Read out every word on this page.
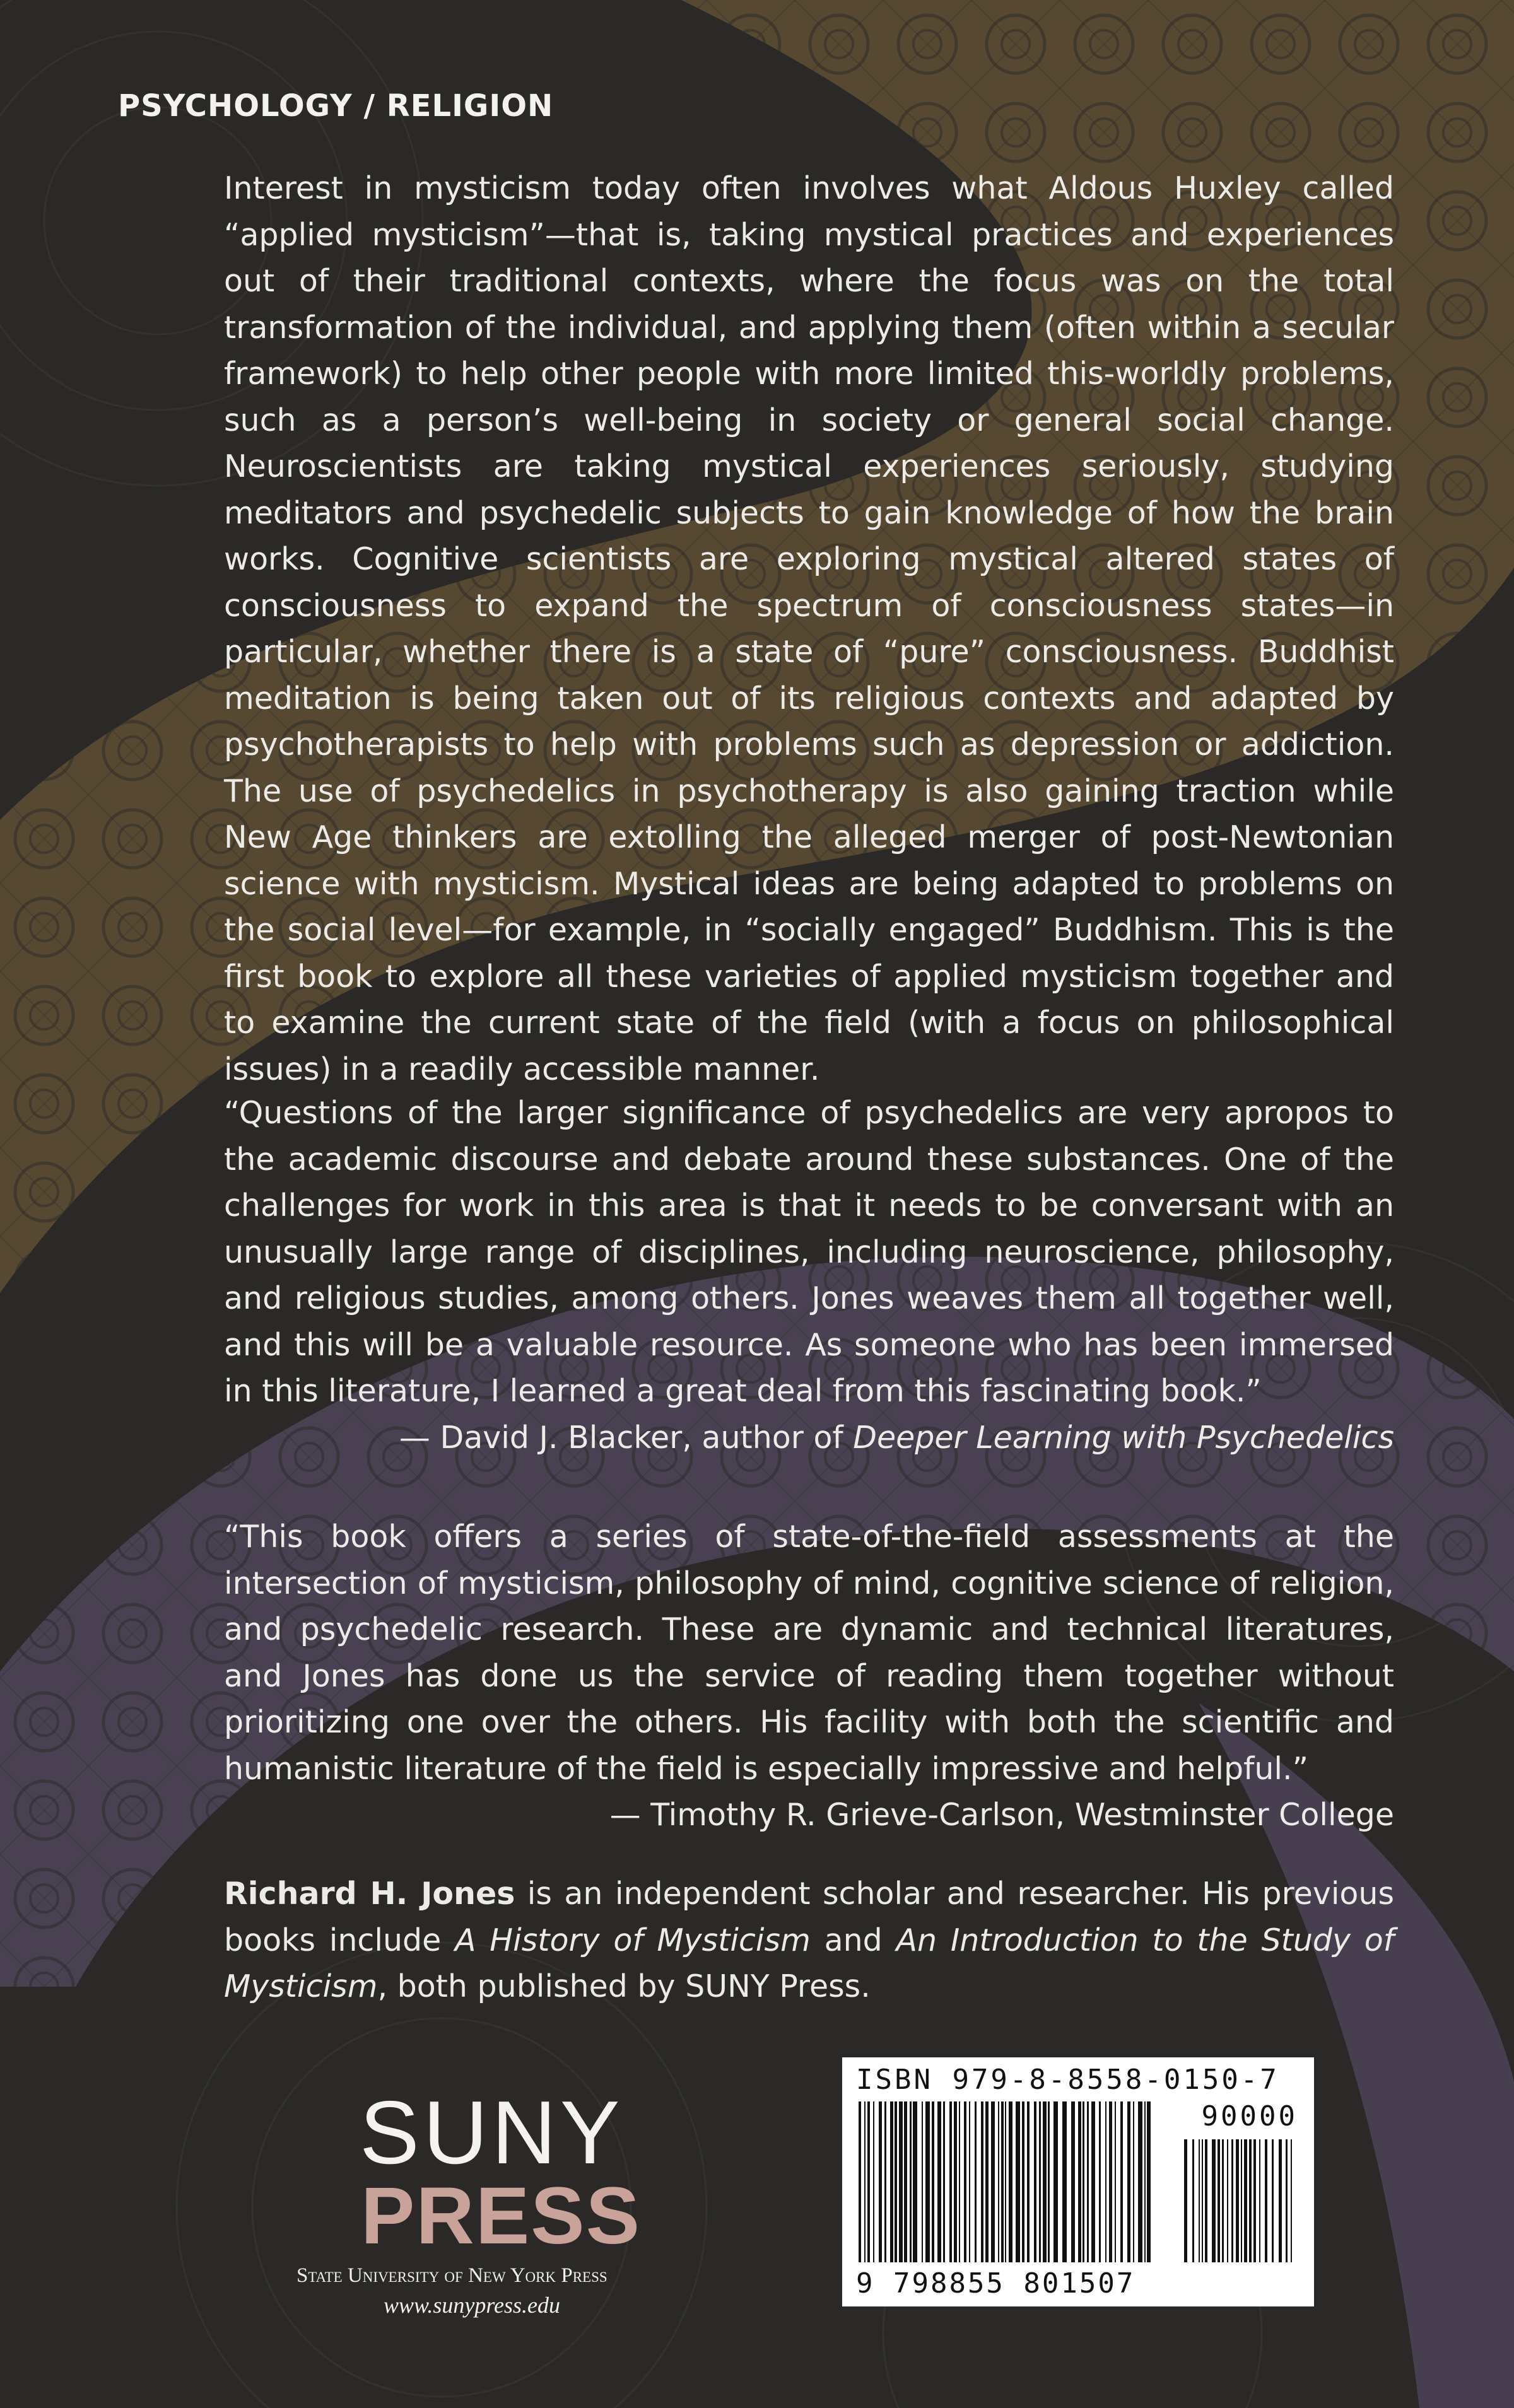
PSYCHOLOGY / RELIGION

Interest in mysticism today often involves what Aldous Huxley called “applied mysticism”—that is, taking mystical practices and experiences out of their traditional contexts, where the focus was on the total transformation of the individual, and applying them (often within a secular framework) to help other people with more limited this-worldly problems, such as a person’s well-being in society or general social change. Neuroscientists are taking mystical experiences seriously, studying meditators and psychedelic subjects to gain knowledge of how the brain works. Cognitive scientists are exploring mystical altered states of consciousness to expand the spectrum of consciousness states—in particular, whether there is a state of “pure” consciousness. Buddhist meditation is being taken out of its religious contexts and adapted by psychotherapists to help with problems such as depression or addiction. The use of psychedelics in psychotherapy is also gaining traction while New Age thinkers are extolling the alleged merger of post-Newtonian science with mysticism. Mystical ideas are being adapted to problems on the social level—for example, in “socially engaged” Buddhism. This is the first book to explore all these varieties of applied mysticism together and to examine the current state of the field (with a focus on philosophical issues) in a readily accessible manner.

“Questions of the larger significance of psychedelics are very apropos to the academic discourse and debate around these substances. One of the challenges for work in this area is that it needs to be conversant with an unusually large range of disciplines, including neuroscience, philosophy, and religious studies, among others. Jones weaves them all together well, and this will be a valuable resource. As someone who has been immersed in this literature, I learned a great deal from this fascinating book.”
— David J. Blacker, author of Deeper Learning with Psychedelics

“This book offers a series of state-of-the-field assessments at the intersection of mysticism, philosophy of mind, cognitive science of religion, and psychedelic research. These are dynamic and technical literatures, and Jones has done us the service of reading them together without prioritizing one over the others. His facility with both the scientific and humanistic literature of the field is especially impressive and helpful.”
— Timothy R. Grieve-Carlson, Westminster College

Richard H. Jones is an independent scholar and researcher. His previous books include A History of Mysticism and An Introduction to the Study of Mysticism, both published by SUNY Press.

SUNY
PRESS
State University of New York Press
www.sunypress.edu
ISBN 979-8-8558-0150-7
90000
9 798855 801507
